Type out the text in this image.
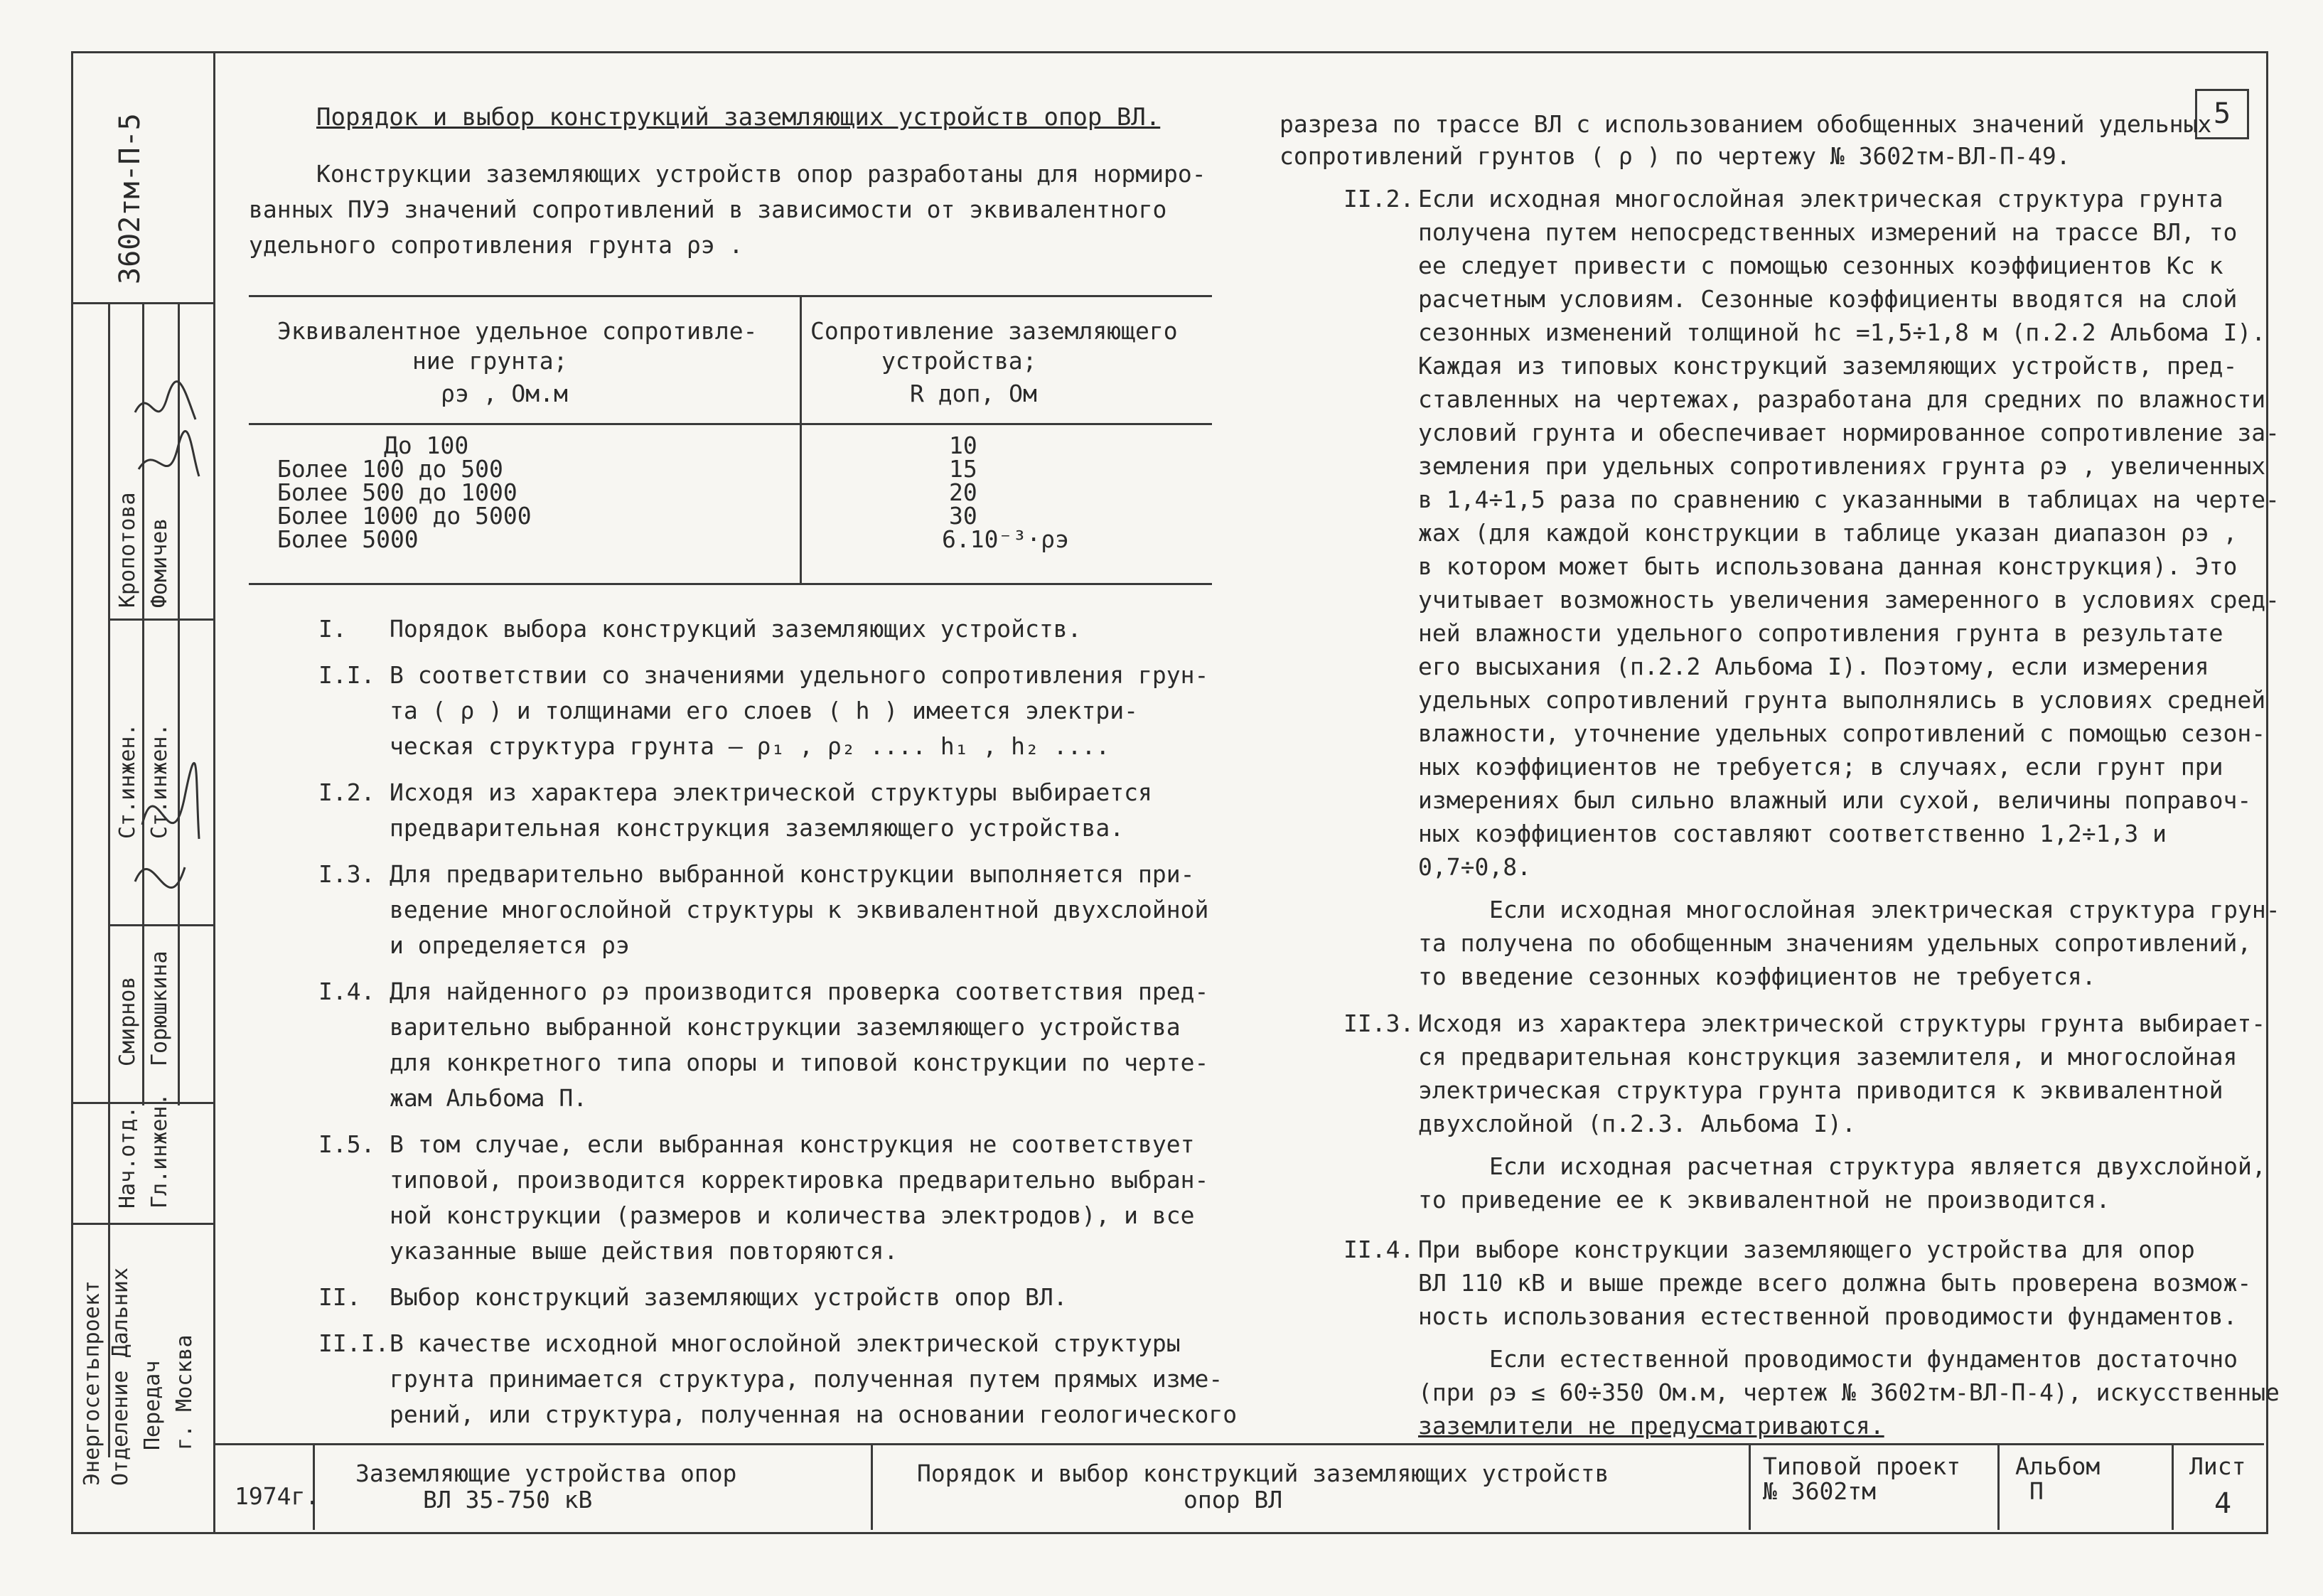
5
3602тм-П-5
Ст.инжен. Ст.инжен.
Кропотова Фомичев
Смирнов Горюшкина
Нач.отд. Гл.инжен.
Энергосетьпроект Отделение Дальних Передач г. Москва
Порядок и выбор конструкций заземляющих устройств опор ВЛ.
Конструкции заземляющих устройств опор разработаны для нормиро-
ванных ПУЭ значений сопротивлений в зависимости от эквивалентного
удельного сопротивления грунта ρэ .
Эквивалентное удельное сопротивле-
ние грунта;
ρэ , Ом.м
Сопротивление заземляющего
устройства;
R доп, Ом
До 100
Более 100 до 500
Более 500 до 1000
Более 1000 до 5000
Более 5000
10
15
20
30
6.10⁻³·ρэ
I. Порядок выбора конструкций заземляющих устройств.
I.I. В соответствии со значениями удельного сопротивления грун-
та ( ρ ) и толщинами его слоев ( h ) имеется электри-
ческая структура грунта — ρ₁ , ρ₂ .... h₁ , h₂ ....
I.2. Исходя из характера электрической структуры выбирается
предварительная конструкция заземляющего устройства.
I.3. Для предварительно выбранной конструкции выполняется при-
ведение многослойной структуры к эквивалентной двухслойной
и определяется ρэ
I.4. Для найденного ρэ производится проверка соответствия пред-
варительно выбранной конструкции заземляющего устройства
для конкретного типа опоры и типовой конструкции по черте-
жам Альбома П.
I.5. В том случае, если выбранная конструкция не соответствует
типовой, производится корректировка предварительно выбран-
ной конструкции (размеров и количества электродов), и все
указанные выше действия повторяются.
II. Выбор конструкций заземляющих устройств опор ВЛ.
II.I. В качестве исходной многослойной электрической структуры
грунта принимается структура, полученная путем прямых изме-
рений, или структура, полученная на основании геологического
разреза по трассе ВЛ с использованием обобщенных значений удельных
сопротивлений грунтов ( ρ ) по чертежу № 3602тм-ВЛ-П-49.
II.2. Если исходная многослойная электрическая структура грунта
получена путем непосредственных измерений на трассе ВЛ, то
ее следует привести с помощью сезонных коэффициентов Кс к
расчетным условиям. Сезонные коэффициенты вводятся на слой
сезонных изменений толщиной hс =1,5÷1,8 м (п.2.2 Альбома I).
Каждая из типовых конструкций заземляющих устройств, пред-
ставленных на чертежах, разработана для средних по влажности
условий грунта и обеспечивает нормированное сопротивление за-
земления при удельных сопротивлениях грунта ρэ , увеличенных
в 1,4÷1,5 раза по сравнению с указанными в таблицах на черте-
жах (для каждой конструкции в таблице указан диапазон ρэ ,
в котором может быть использована данная конструкция). Это
учитывает возможность увеличения замеренного в условиях сред-
ней влажности удельного сопротивления грунта в результате
его высыхания (п.2.2 Альбома I). Поэтому, если измерения
удельных сопротивлений грунта выполнялись в условиях средней
влажности, уточнение удельных сопротивлений с помощью сезон-
ных коэффициентов не требуется; в случаях, если грунт при
измерениях был сильно влажный или сухой, величины поправоч-
ных коэффициентов составляют соответственно 1,2÷1,3 и
0,7÷0,8.
Если исходная многослойная электрическая структура грун-
та получена по обобщенным значениям удельных сопротивлений,
то введение сезонных коэффициентов не требуется.
II.3. Исходя из характера электрической структуры грунта выбирает-
ся предварительная конструкция заземлителя, и многослойная
электрическая структура грунта приводится к эквивалентной
двухслойной (п.2.3. Альбома I).
Если исходная расчетная структура является двухслойной,
то приведение ее к эквивалентной не производится.
II.4. При выборе конструкции заземляющего устройства для опор
ВЛ 110 кВ и выше прежде всего должна быть проверена возмож-
ность использования естественной проводимости фундаментов.
Если естественной проводимости фундаментов достаточно
(при ρэ ≤ 60÷350 Ом.м, чертеж № 3602тм-ВЛ-П-4), искусственные
заземлители не предусматриваются.
1974г.
Заземляющие устройства опор
ВЛ 35-750 кВ
Порядок и выбор конструкций заземляющих устройств
опор ВЛ
Типовой проект
№ 3602тм
Альбом
П
Лист
4
